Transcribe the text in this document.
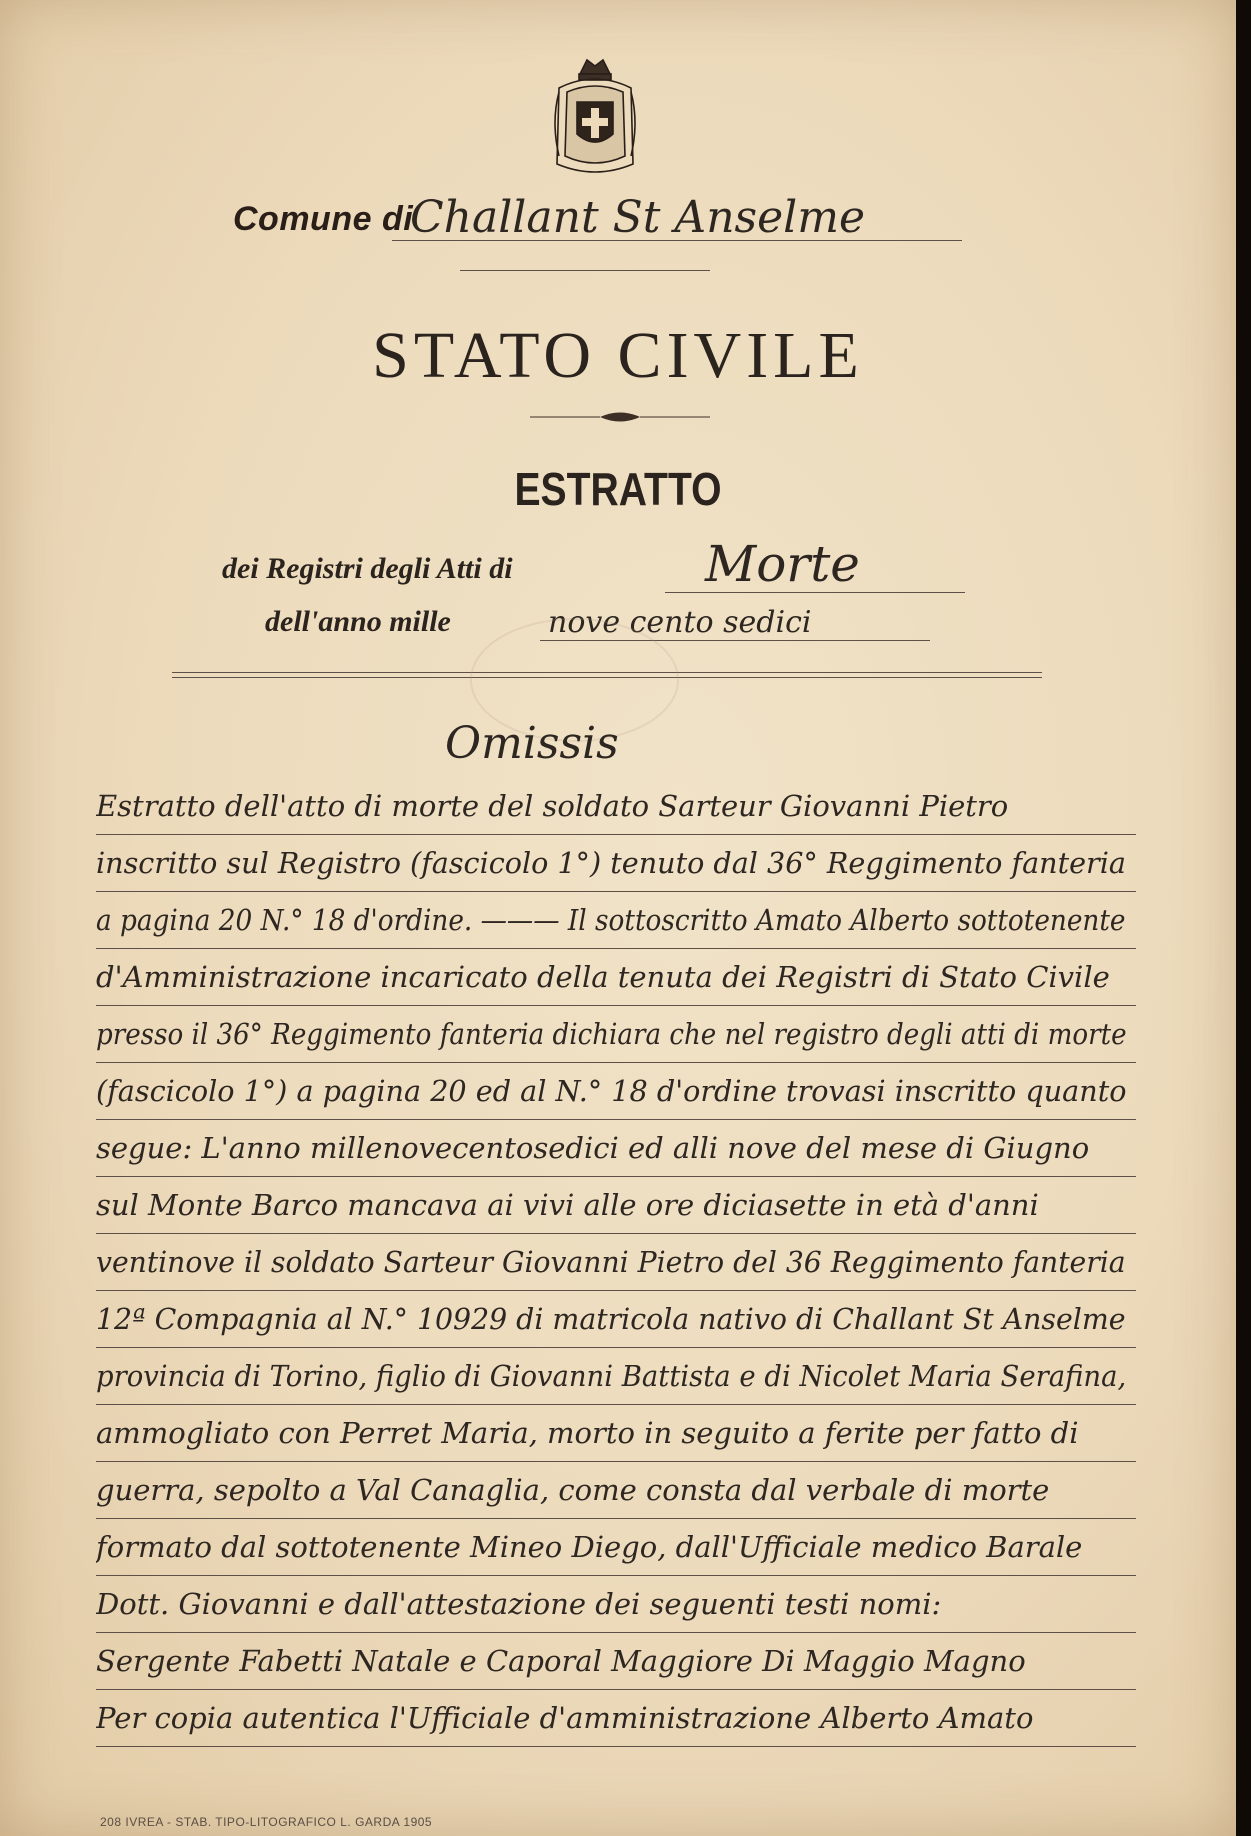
Comune di
Challant St Anselme
STATO CIVILE
ESTRATTO
dei Registri degli Atti di	Morte
dell'anno mille	nove cento sedici
Omissis
Estratto dell'atto di morte del soldato Sarteur Giovanni Pietro
inscritto sul Registro (fascicolo 1°) tenuto dal 36° Reggimento fanteria
a pagina 20 N.° 18 d'ordine. ——— Il sottoscritto Amato Alberto sottotenente
d'Amministrazione incaricato della tenuta dei Registri di Stato Civile
presso il 36° Reggimento fanteria dichiara che nel registro degli atti di morte
(fascicolo 1°) a pagina 20 ed al N.° 18 d'ordine trovasi inscritto quanto
segue: L'anno millenovecentosedici ed alli nove del mese di Giugno
sul Monte Barco mancava ai vivi alle ore diciasette in età d'anni
ventinove il soldato Sarteur Giovanni Pietro del 36 Reggimento fanteria
12ª Compagnia al N.° 10929 di matricola nativo di Challant St Anselme
provincia di Torino, figlio di Giovanni Battista e di Nicolet Maria Serafina,
ammogliato con Perret Maria, morto in seguito a ferite per fatto di
guerra, sepolto a Val Canaglia, come consta dal verbale di morte
formato dal sottotenente Mineo Diego, dall'Ufficiale medico Barale
Dott. Giovanni e dall'attestazione dei seguenti testi nomi:
Sergente Fabetti Natale e Caporal Maggiore Di Maggio Magno
Per copia autentica l'Ufficiale d'amministrazione Alberto Amato
208 IVREA - STAB. TIPO-LITOGRAFICO L. GARDA 1905
